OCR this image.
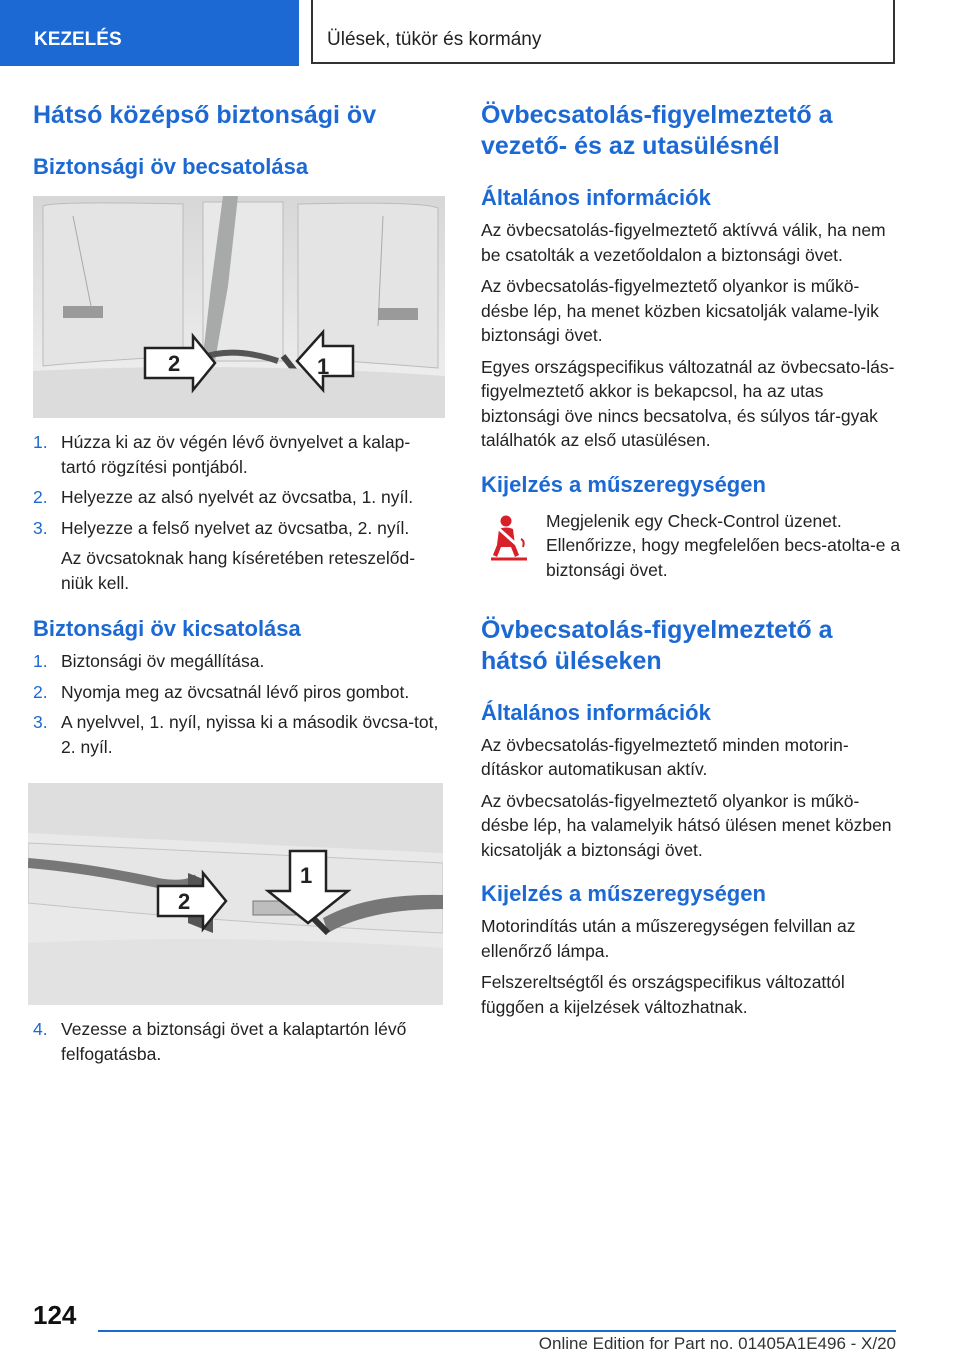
KEZELÉS	Ülések, tükör és kormány
Hátsó középső biztonsági öv
Biztonsági öv becsatolása
2	1
1. Húzza ki az öv végén lévő övnyelvet a kalap-tartó rögzítési pontjából.
2. Helyezze az alsó nyelvét az övcsatba, 1. nyíl.
3. Helyezze a felső nyelvet az övcsatba, 2. nyíl.
Az övcsatoknak hang kíséretében reteszelőd-niük kell.
Biztonsági öv kicsatolása
1. Biztonsági öv megállítása.
2. Nyomja meg az övcsatnál lévő piros gombot.
3. A nyelvvel, 1. nyíl, nyissa ki a második övcsa-tot, 2. nyíl.
2
1
4. Vezesse a biztonsági övet a kalaptartón lévő felfogatásba.
Övbecsatolás-figyelmeztető a vezető- és az utasülésnél
Általános információk

Az övbecsatolás-figyelmeztető aktívvá válik, ha nem be csatolták a vezetőoldalon a biztonsági övet.

Az övbecsatolás-figyelmeztető olyankor is műkö-désbe lép, ha menet közben kicsatolják valame-lyik biztonsági övet.

Egyes országspecifikus változatnál az övbecsato-lás-figyelmeztető akkor is bekapcsol, ha az utas biztonsági öve nincs becsatolva, és súlyos tár-gyak találhatók az első utasülésen.

Kijelzés a műszeregységen

Megjelenik egy Check-Control üzenet. Ellenőrizze, hogy megfelelően becs-atolta-e a biztonsági övet.

Övbecsatolás-figyelmeztető a hátsó üléseken
Általános információk

Az övbecsatolás-figyelmeztető minden motorin-dításkor automatikusan aktív.

Az övbecsatolás-figyelmeztető olyankor is műkö-désbe lép, ha valamelyik hátsó ülésen menet közben kicsatolják a biztonsági övet.

Kijelzés a műszeregységen

Motorindítás után a műszeregységen felvillan az ellenőrző lámpa.

Felszereltségtől és országspecifikus változattól függően a kijelzések változhatnak.

124
Online Edition for Part no. 01405A1E496 - X/20
